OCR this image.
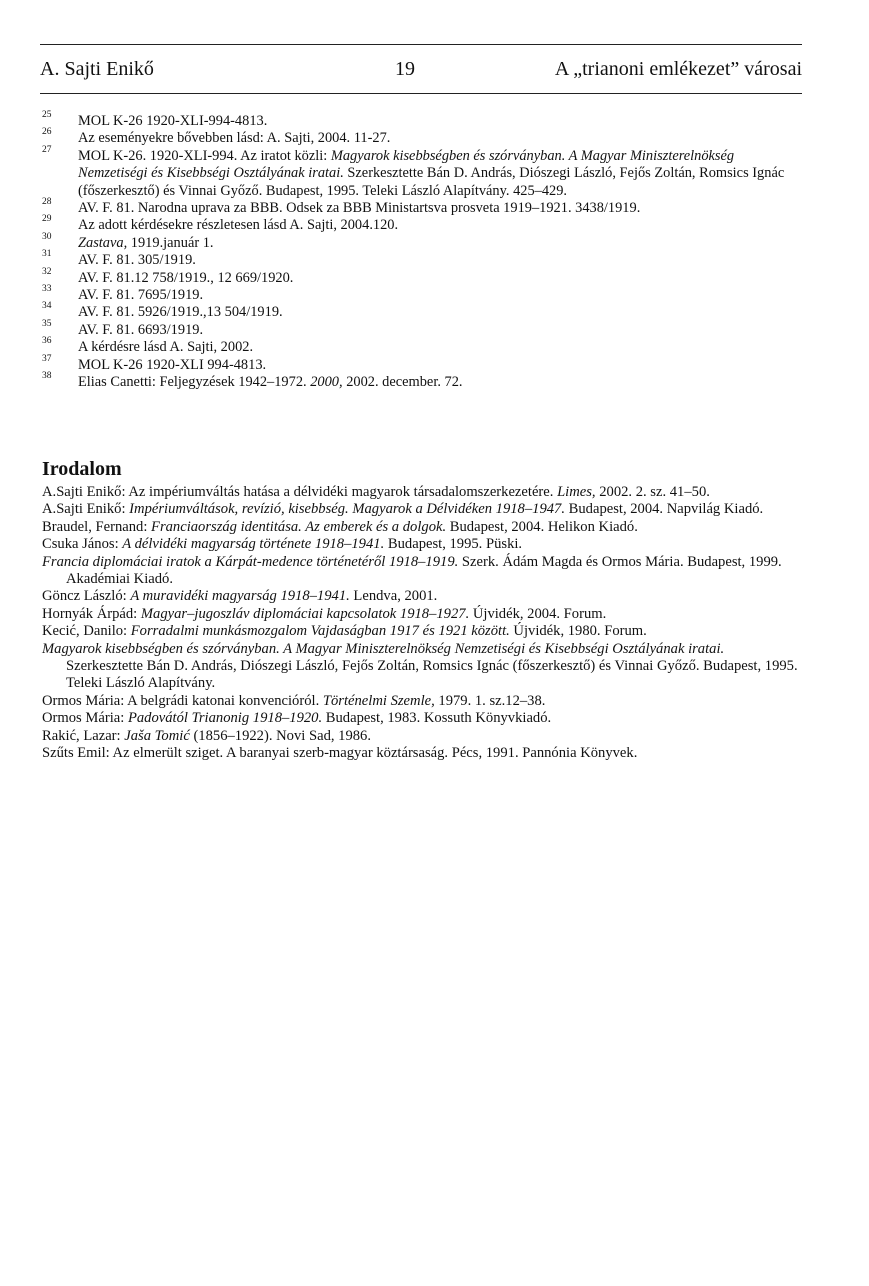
A. Sajti Enikő	19	A „trianoni emlékezet” városai
25 MOL K-26 1920-XLI-994-4813.
26 Az eseményekre bővebben lásd: A. Sajti, 2004. 11-27.
27 MOL K-26. 1920-XLI-994. Az iratot közli: Magyarok kisebbségben és szórványban. A Magyar Miniszterelnökség Nemzetiségi és Kisebbségi Osztályának iratai. Szerkesztette Bán D. András, Diószegi László, Fejős Zoltán, Romsics Ignác (főszerkesztő) és Vinnai Győző. Budapest, 1995. Teleki László Alapítvány. 425–429.
28 AV. F. 81. Narodna uprava za BBB. Odsek za BBB Ministartsva prosveta 1919–1921. 3438/1919.
29 Az adott kérdésekre részletesen lásd A. Sajti, 2004.120.
30 Zastava, 1919.január 1.
31 AV. F. 81. 305/1919.
32 AV. F. 81.12 758/1919., 12 669/1920.
33 AV. F. 81. 7695/1919.
34 AV. F. 81. 5926/1919.,13 504/1919.
35 AV. F. 81. 6693/1919.
36 A kérdésre lásd A. Sajti, 2002.
37 MOL K-26 1920-XLI 994-4813.
38 Elias Canetti: Feljegyzések 1942–1972. 2000, 2002. december. 72.
Irodalom
A.Sajti Enikő: Az impériumváltás hatása a délvidéki magyarok társadalomszerkezetére. Limes, 2002. 2. sz. 41–50.
A.Sajti Enikő: Impériumváltások, revízió, kisebbség. Magyarok a Délvidéken 1918–1947. Budapest, 2004. Napvilág Kiadó.
Braudel, Fernand: Franciaország identitása. Az emberek és a dolgok. Budapest, 2004. Helikon Kiadó.
Csuka János: A délvidéki magyarság története 1918–1941. Budapest, 1995. Püski.
Francia diplomáciai iratok a Kárpát-medence történetéről 1918–1919. Szerk. Ádám Magda és Ormos Mária. Budapest, 1999. Akadémiai Kiadó.
Göncz László: A muravidéki magyarság 1918–1941. Lendva, 2001.
Hornyák Árpád: Magyar–jugoszláv diplomáciai kapcsolatok 1918–1927. Újvidék, 2004. Forum.
Kecić, Danilo: Forradalmi munkásmozgalom Vajdaságban 1917 és 1921 között. Újvidék, 1980. Forum.
Magyarok kisebbségben és szórványban. A Magyar Miniszterelnökség Nemzetiségi és Kisebbségi Osztályának iratai. Szerkesztette Bán D. András, Diószegi László, Fejős Zoltán, Romsics Ignác (főszerkesztő) és Vinnai Győző. Budapest, 1995. Teleki László Alapítvány.
Ormos Mária: A belgrádi katonai konvencióról. Történelmi Szemle, 1979. 1. sz.12–38.
Ormos Mária: Padovától Trianonig 1918–1920. Budapest, 1983. Kossuth Könyvkiadó.
Rakić, Lazar: Jaša Tomić (1856–1922). Novi Sad, 1986.
Szűts Emil: Az elmerült sziget. A baranyai szerb-magyar köztársaság. Pécs, 1991. Pannónia Könyvek.
